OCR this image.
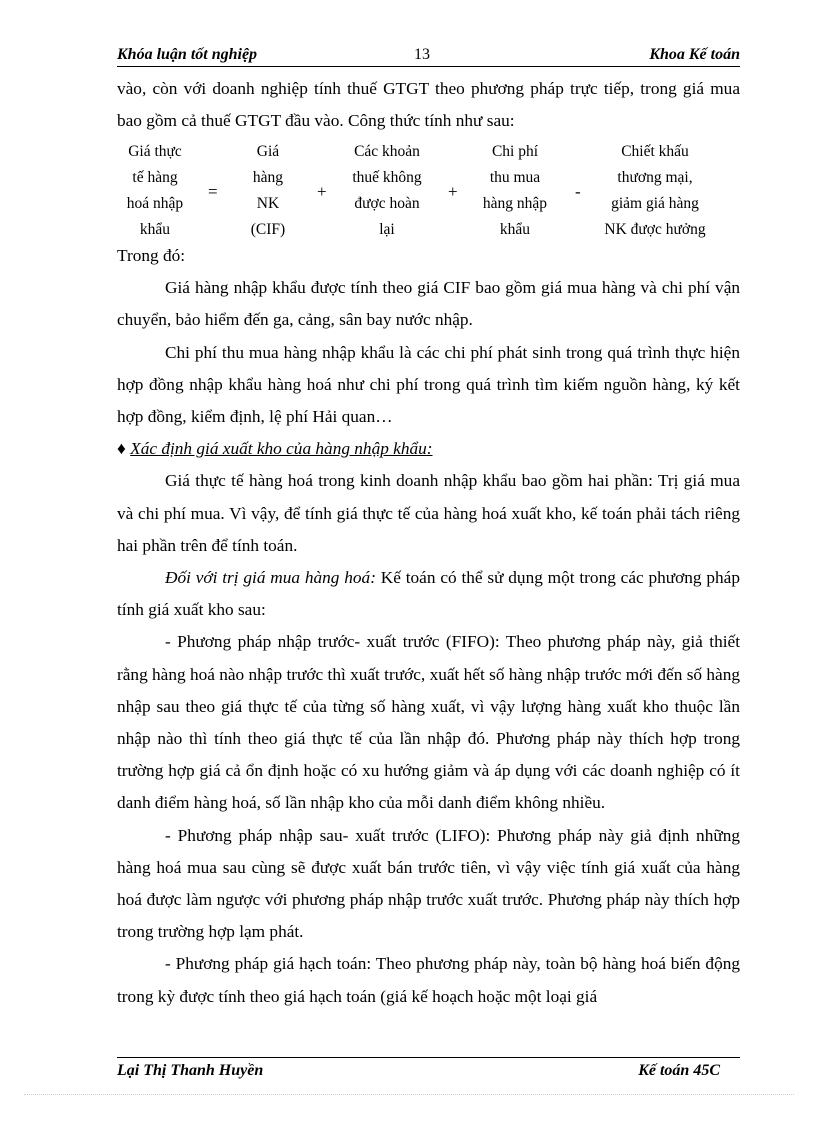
Khóa luận tốt nghiệp	13	Khoa Kế toán

vào, còn với doanh nghiệp tính thuế GTGT theo phương pháp trực tiếp, trong giá mua bao gồm cả thuế GTGT đầu vào. Công thức tính như sau:

Giá thực
tế hàng
hoá nhập
khẩu
=
Giá
hàng
NK
(CIF)
+
Các khoản
thuế không
được hoàn
lại
+
Chi phí
thu mua
hàng nhập
khẩu
-
Chiết khấu
thương mại,
giảm giá hàng
NK được hưởng

Trong đó:

Giá hàng nhập khẩu được tính theo giá CIF bao gồm giá mua hàng và chi phí vận chuyển, bảo hiểm đến ga, cảng, sân bay nước nhập.

Chi phí thu mua hàng nhập khẩu là các chi phí phát sinh trong quá trình thực hiện hợp đồng nhập khẩu hàng hoá như chi phí trong quá trình tìm kiếm nguồn hàng, ký kết hợp đồng, kiểm định, lệ phí Hải quan…

♦ Xác định giá xuất kho của hàng nhập khẩu:

Giá thực tế hàng hoá trong kinh doanh nhập khẩu bao gồm hai phần: Trị giá mua và chi phí mua. Vì vậy, để tính giá thực tế của hàng hoá xuất kho, kế toán phải tách riêng hai phần trên để tính toán.

Đối với trị giá mua hàng hoá: Kế toán có thể sử dụng một trong các phương pháp tính giá xuất kho sau:

- Phương pháp nhập trước- xuất trước (FIFO): Theo phương pháp này, giả thiết rằng hàng hoá nào nhập trước thì xuất trước, xuất hết số hàng nhập trước mới đến số hàng nhập sau theo giá thực tế của từng số hàng xuất, vì vậy lượng hàng xuất kho thuộc lần nhập nào thì tính theo giá thực tế của lần nhập đó. Phương pháp này thích hợp trong trường hợp giá cả ổn định hoặc có xu hướng giảm và áp dụng với các doanh nghiệp có ít danh điểm hàng hoá, số lần nhập kho của mỗi danh điểm không nhiều.

- Phương pháp nhập sau- xuất trước (LIFO): Phương pháp này giả định những hàng hoá mua sau cùng sẽ được xuất bán trước tiên, vì vậy việc tính giá xuất của hàng hoá được làm ngược với phương pháp nhập trước xuất trước. Phương pháp này thích hợp trong trường hợp lạm phát.

- Phương pháp giá hạch toán: Theo phương pháp này, toàn bộ hàng hoá biến động trong kỳ được tính theo giá hạch toán (giá kế hoạch hoặc một loại giá

Lại Thị Thanh Huyền	Kế toán 45C
